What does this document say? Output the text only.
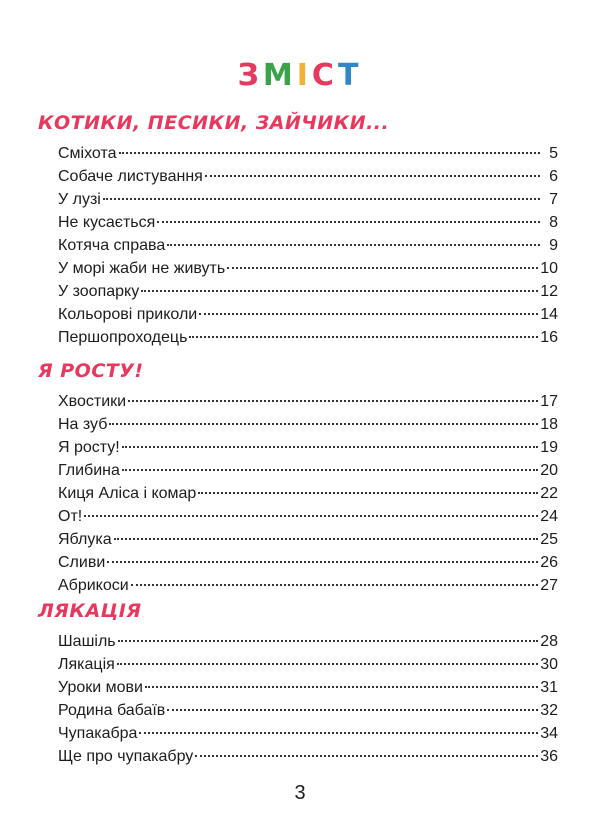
ЗМІСТ
КОТИКИ, ПЕСИКИ, ЗАЙЧИКИ...
Сміхота	5
Собаче листування	6
У лузі	7
Не кусається	8
Котяча справа	9
У морі жаби не живуть	10
У зоопарку	12
Кольорові приколи	14
Першопроходець	16
Я РОСТУ!
Хвостики	17
На зуб	18
Я росту!	19
Глибина	20
Киця Аліса і комар	22
От!	24
Яблука	25
Сливи	26
Абрикоси	27
ЛЯКАЦІЯ
Шашіль	28
Лякація	30
Уроки мови	31
Родина бабаїв	32
Чупакабра	34
Ще про чупакабру	36
3
